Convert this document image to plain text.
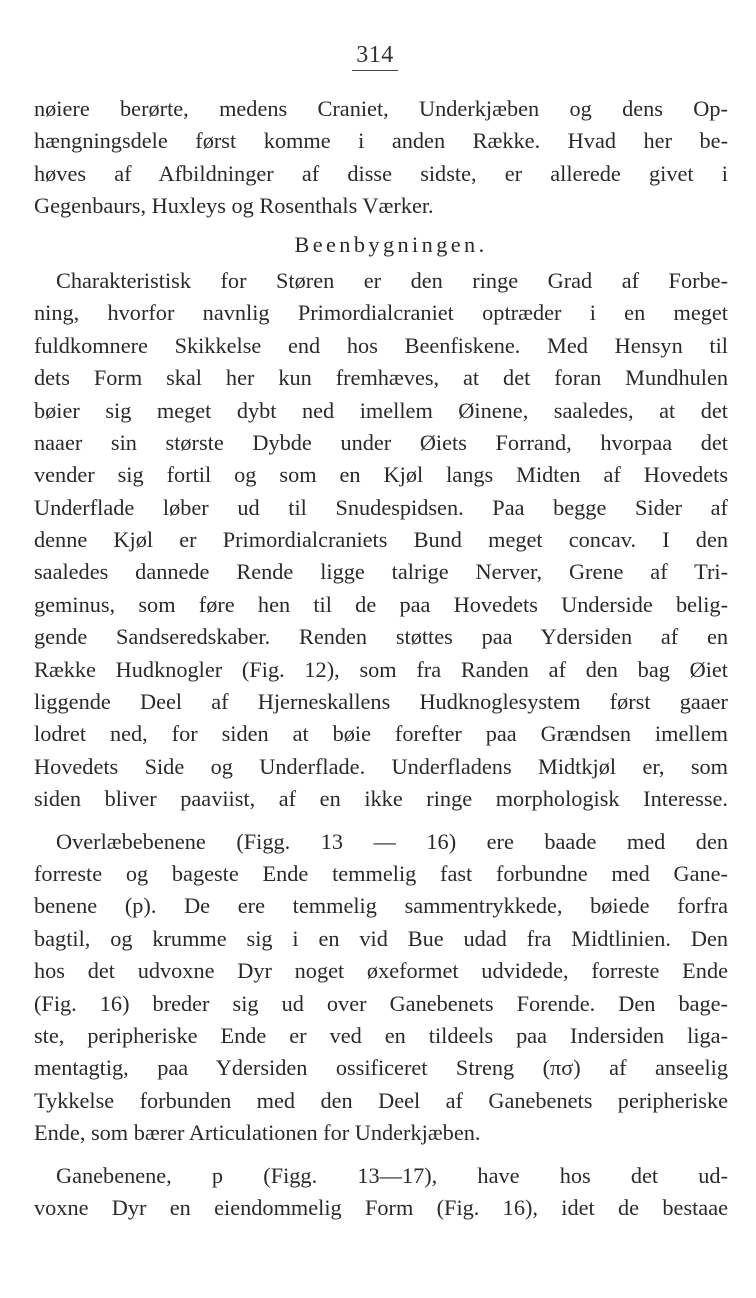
314
nøiere berørte, medens Craniet, Underkjæben og dens Op-
hængningsdele først komme i anden Række. Hvad her be-
høves af Afbildninger af disse sidste, er allerede givet i
Gegenbaurs, Huxleys og Rosenthals Værker.
Beenbygningen.
Charakteristisk for Støren er den ringe Grad af Forbe-
ning, hvorfor navnlig Primordialcraniet optræder i en meget
fuldkomnere Skikkelse end hos Beenfiskene. Med Hensyn til
dets Form skal her kun fremhæves, at det foran Mundhulen
bøier sig meget dybt ned imellem Øinene, saaledes, at det
naaer sin største Dybde under Øiets Forrand, hvorpaa det
vender sig fortil og som en Kjøl langs Midten af Hovedets
Underflade løber ud til Snudespidsen. Paa begge Sider af
denne Kjøl er Primordialcraniets Bund meget concav. I den
saaledes dannede Rende ligge talrige Nerver, Grene af Tri-
geminus, som føre hen til de paa Hovedets Underside belig-
gende Sandseredskaber. Renden støttes paa Ydersiden af en
Række Hudknogler (Fig. 12), som fra Randen af den bag Øiet
liggende Deel af Hjerneskallens Hudknoglesystem først gaaer
lodret ned, for siden at bøie forefter paa Grændsen imellem
Hovedets Side og Underflade. Underfladens Midtkjøl er, som
siden bliver paaviist, af en ikke ringe morphologisk Interesse.
Overlæbebenene (Figg. 13 — 16) ere baade med den
forreste og bageste Ende temmelig fast forbundne med Gane-
benene (p). De ere temmelig sammentrykkede, bøiede forfra
bagtil, og krumme sig i en vid Bue udad fra Midtlinien. Den
hos det udvoxne Dyr noget øxeformet udvidede, forreste Ende
(Fig. 16) breder sig ud over Ganebenets Forende. Den bage-
ste, peripheriske Ende er ved en tildeels paa Indersiden liga-
mentagtig, paa Ydersiden ossificeret Streng (πσ) af anseelig
Tykkelse forbunden med den Deel af Ganebenets peripheriske
Ende, som bærer Articulationen for Underkjæben.
Ganebenene, p (Figg. 13—17), have hos det ud-
voxne Dyr en eiendommelig Form (Fig. 16), idet de bestaae
